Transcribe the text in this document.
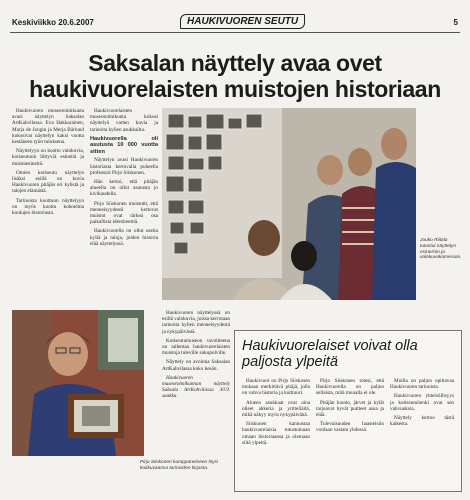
Keskiviikko 20.6.2007	HAUKIVUOREN SEUTU	5
Saksalan näyttely avaa ovet haukivuorelaisten muistojen historiaan

Haukivuoren museotoimikunta avasi näyttelyn Saksalan ArtKahvilassa. Eva Hakkarainen, Marja de Jongin ja Merja Bärlund kokosivat näyttelyn kaksi vuotta kestäneen työn tuloksena.

Näyttelyyn on koottu valokuvia, kotiseutuun liittyviä esineitä ja muistoesineitä.

Omien kotiseutu näyttelyn lisäksi esillä on kuvia Haukivuoren pitäjän eri kylistä ja talojen elämästä.

Tarinoista koottuun näyttelyyn on myös koottu kokoelma koulujen historiasta.

Haukivuorelaisten museotoimikunta kokosi näyttelyä varten kuvia ja tarinoita kylien asukkailta.

Haukivuorella oli asutusta 10 000 vuotta sitten

Näyttelyn avasi Haukivuoren historiasta kertovalla puheella professori Pirjo Siiskonen.

Hän kertoi, että pitäjän alueella on ollut asutusta jo kivikaudella.

Pirjo Siiskonen muistutti, että menneisyydestä kertovat muistot ovat tärkeä osa paikallista identiteettiä.

Haukivuorella on ollut useita kyliä ja taloja, joiden historia elää näyttelyssä.

Jouko Riitala tutustui näyttelyn esineisiin ja valokuvakameraan.
Pirjo Siiskonen kumppaneineen löysi kotikuvaansa tarinoiden kirjasta.

Haukivuoren näyttelyssä on esillä valokuvia, joissa kerrotaan tarinoita kylien menneisyydestä ja nykypäivästä.

Kotiseutumuseon tavoitteena on tallentaa haukivuorelaisten muistoja tuleville sukupolville.

Näyttely on avoinna Saksalan ArtKahvilassa koko kesän.

Haukivuoren museotoimikunnan näyttely Saksala ArtKahvilassa 30.9. saakka.

Haukivuorelaiset voivat olla paljosta ylpeitä

Haukivuori on Pirjo Siiskosen mukaan merkittävä pitäjä, jolla on vahva historia ja kulttuuri.

Alueen asukkaat ovat aina olleet ahkeria ja yritteliäitä, mikä näkyy myös nykypäivänä.

Siiskonen kannustaa haukivuorelaisia tutustumaan omaan historiaansa ja olemaan siitä ylpeitä.

Pirjo Siiskonen totesi, että Haukivuorella on paljon sellaista, mitä muualla ei ole.

Pitäjän luonto, järvet ja kylät tarjoavat hyvät puitteet asua ja elää.

Tulevaisuuden haasteisiin voidaan vastata yhdessä.

Muilla on paljon opittavaa Haukivuoren tarinoista.

Haukivuoren yhteisöllisyys ja kotiseutuhenki ovat sen vahvuuksia.

Näyttely kertoo tästä kaikesta.
